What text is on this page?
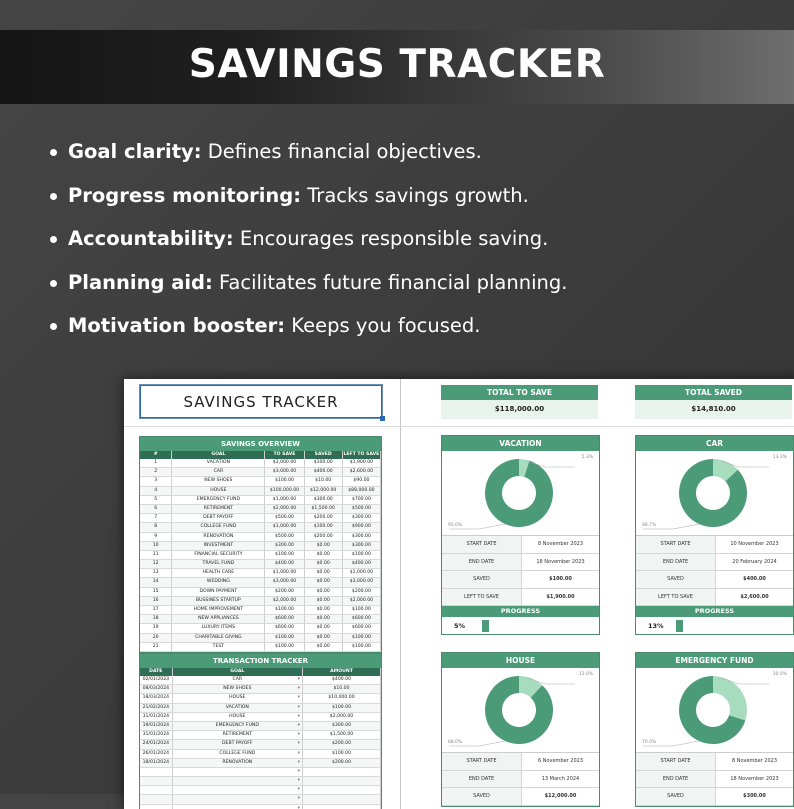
SAVINGS TRACKER
Goal clarity: Defines financial objectives.
Progress monitoring: Tracks savings growth.
Accountability: Encourages responsible saving.
Planning aid: Facilitates future financial planning.
Motivation booster: Keeps you focused.
SAVINGS TRACKER	TOTAL TO SAVE
$118,000.00
TOTAL SAVED
$14,810.00
SAVINGS OVERVIEW
#	GOAL	TO SAVE	SAVED	LEFT TO SAVE
1	VACATION	$2,000.00	$100.00	$1,900.00
2	CAR	$3,000.00	$400.00	$2,600.00
3	NEW SHOES	$100.00	$10.00	$90.00
4	HOUSE	$100,000.00	$12,000.00	$88,000.00
5	EMERGENCY FUND	$1,000.00	$300.00	$700.00
6	RETIREMENT	$2,000.00	$1,500.00	$500.00
7	DEBT PAYOFF	$500.00	$200.00	$300.00
8	COLLEGE FUND	$1,000.00	$100.00	$900.00
9	RENOVATION	$500.00	$200.00	$300.00
10	INVESTMENT	$300.00	$0.00	$300.00
11	FINANCIAL SECURITY	$100.00	$0.00	$100.00
12	TRAVEL FUND	$400.00	$0.00	$400.00
13	HEALTH CARE	$1,000.00	$0.00	$1,000.00
14	WEDDING	$3,000.00	$0.00	$3,000.00
15	DOWN PAYMENT	$200.00	$0.00	$200.00
16	BUSSINES STARTUP	$2,000.00	$0.00	$2,000.00
17	HOME IMPROVEMENT	$100.00	$0.00	$100.00
18	NEW APPLIANCES	$600.00	$0.00	$600.00
19	LUXURY ITEMS	$600.00	$0.00	$600.00
20	CHARITABLE GIVING	$100.00	$0.00	$100.00
21	TEST	$100.00	$0.00	$100.00
TRANSACTION TRACKER
DATE	GOAL	AMOUNT
02/01/2023	CAR	▾	$400.00
08/03/2024	NEW SHOES	▾	$10.00
18/03/2024	HOUSE	▾	$10,000.00
21/02/2024	VACATION	▾	$100.00
31/01/2024	HOUSE	▾	$2,000.00
19/01/2024	EMERGENCY FUND	▾	$300.00
31/01/2024	RETIREMENT	▾	$1,500.00
24/01/2024	DEBT PAYOFF	▾	$200.00
26/01/2024	COLLEGE FUND	▾	$100.00
18/01/2024	RENOVATION	▾	$200.00
▾
▾
▾
▾
▾
VACATION
5.3%
95.0%
START DATE	8 November 2023
END DATE	18 November 2023
SAVED	$100.00
LEFT TO SAVE	$1,900.00
PROGRESS
5%
CAR
13.3%
86.7%
START DATE	10 November 2023
END DATE	20 February 2024
SAVED	$400.00
LEFT TO SAVE	$2,600.00
PROGRESS
13%
HOUSE
12.0%
88.0%
START DATE	6 November 2023
END DATE	13 March 2024
SAVED	$12,000.00
EMERGENCY FUND
30.0%
70.0%
START DATE	8 November 2023
END DATE	18 November 2023
SAVED	$300.00
